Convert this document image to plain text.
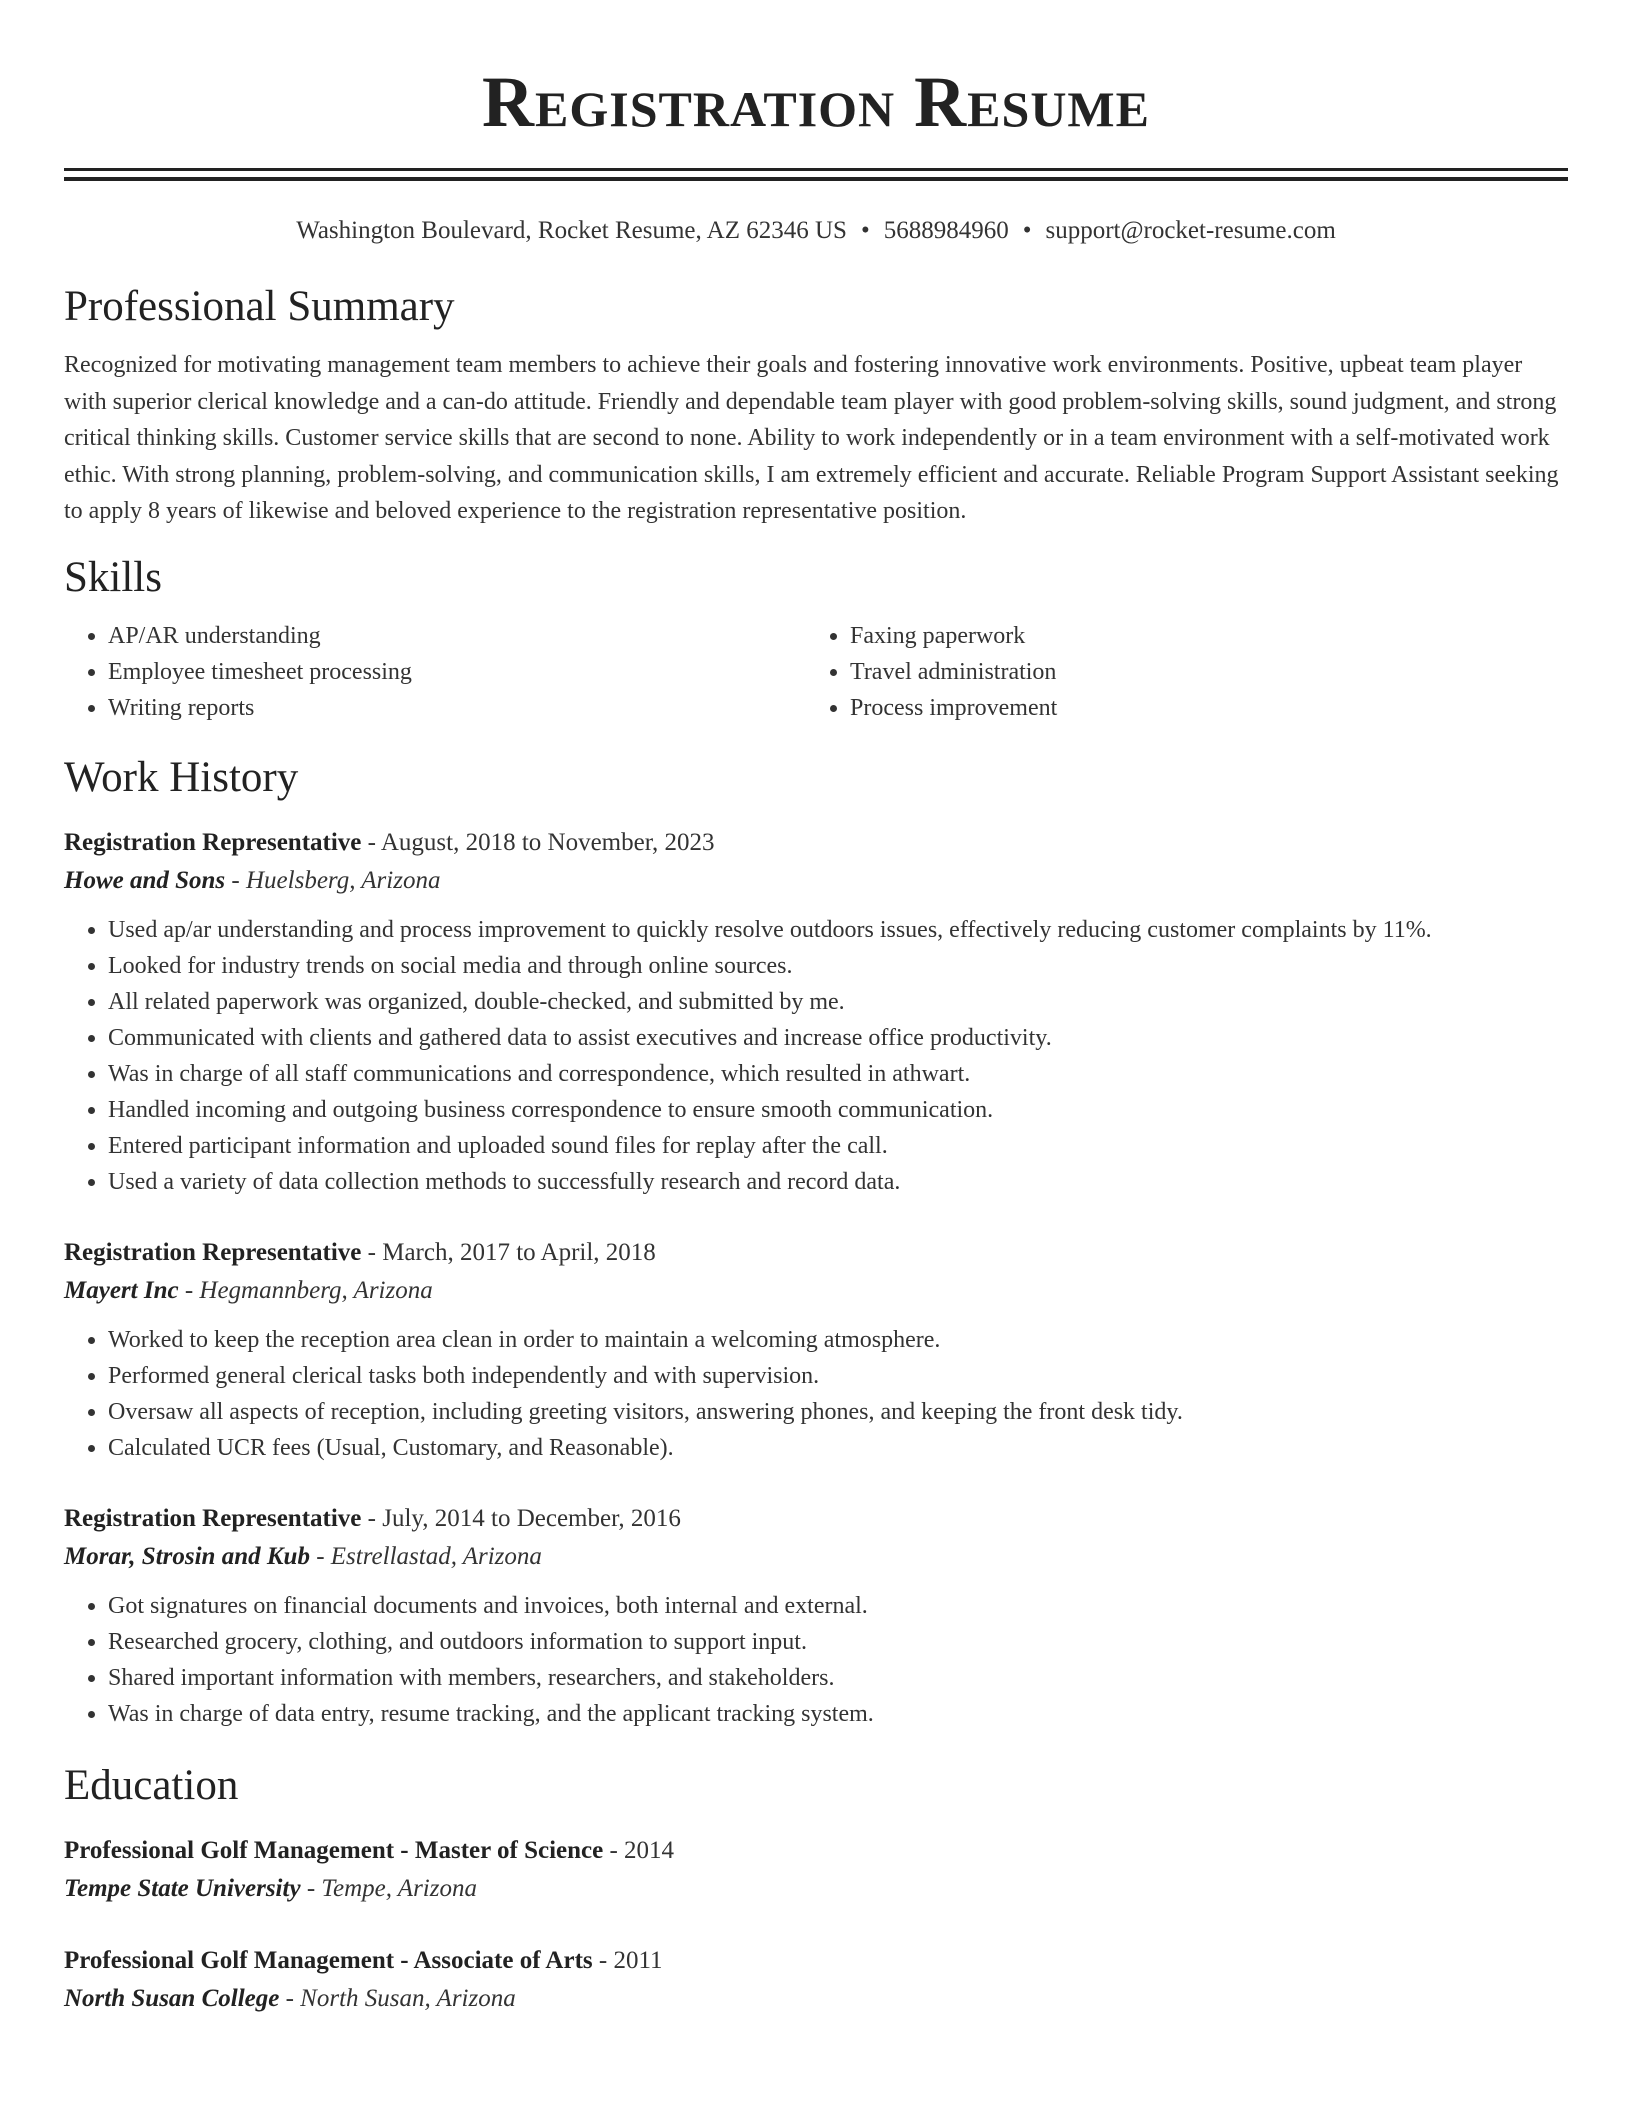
Registration Resume
Washington Boulevard, Rocket Resume, AZ 62346 US • 5688984960 • support@rocket-resume.com
Professional Summary
Recognized for motivating management team members to achieve their goals and fostering innovative work environments. Positive, upbeat team player with superior clerical knowledge and a can-do attitude. Friendly and dependable team player with good problem-solving skills, sound judgment, and strong critical thinking skills. Customer service skills that are second to none. Ability to work independently or in a team environment with a self-motivated work ethic. With strong planning, problem-solving, and communication skills, I am extremely efficient and accurate. Reliable Program Support Assistant seeking to apply 8 years of likewise and beloved experience to the registration representative position.
Skills
• AP/AR understanding
• Employee timesheet processing
• Writing reports
• Faxing paperwork
• Travel administration
• Process improvement
Work History
Registration Representative - August, 2018 to November, 2023
Howe and Sons - Huelsberg, Arizona
• Used ap/ar understanding and process improvement to quickly resolve outdoors issues, effectively reducing customer complaints by 11%.
• Looked for industry trends on social media and through online sources.
• All related paperwork was organized, double-checked, and submitted by me.
• Communicated with clients and gathered data to assist executives and increase office productivity.
• Was in charge of all staff communications and correspondence, which resulted in athwart.
• Handled incoming and outgoing business correspondence to ensure smooth communication.
• Entered participant information and uploaded sound files for replay after the call.
• Used a variety of data collection methods to successfully research and record data.
Registration Representative - March, 2017 to April, 2018
Mayert Inc - Hegmannberg, Arizona
• Worked to keep the reception area clean in order to maintain a welcoming atmosphere.
• Performed general clerical tasks both independently and with supervision.
• Oversaw all aspects of reception, including greeting visitors, answering phones, and keeping the front desk tidy.
• Calculated UCR fees (Usual, Customary, and Reasonable).
Registration Representative - July, 2014 to December, 2016
Morar, Strosin and Kub - Estrellastad, Arizona
• Got signatures on financial documents and invoices, both internal and external.
• Researched grocery, clothing, and outdoors information to support input.
• Shared important information with members, researchers, and stakeholders.
• Was in charge of data entry, resume tracking, and the applicant tracking system.
Education
Professional Golf Management - Master of Science - 2014
Tempe State University - Tempe, Arizona
Professional Golf Management - Associate of Arts - 2011
North Susan College - North Susan, Arizona
